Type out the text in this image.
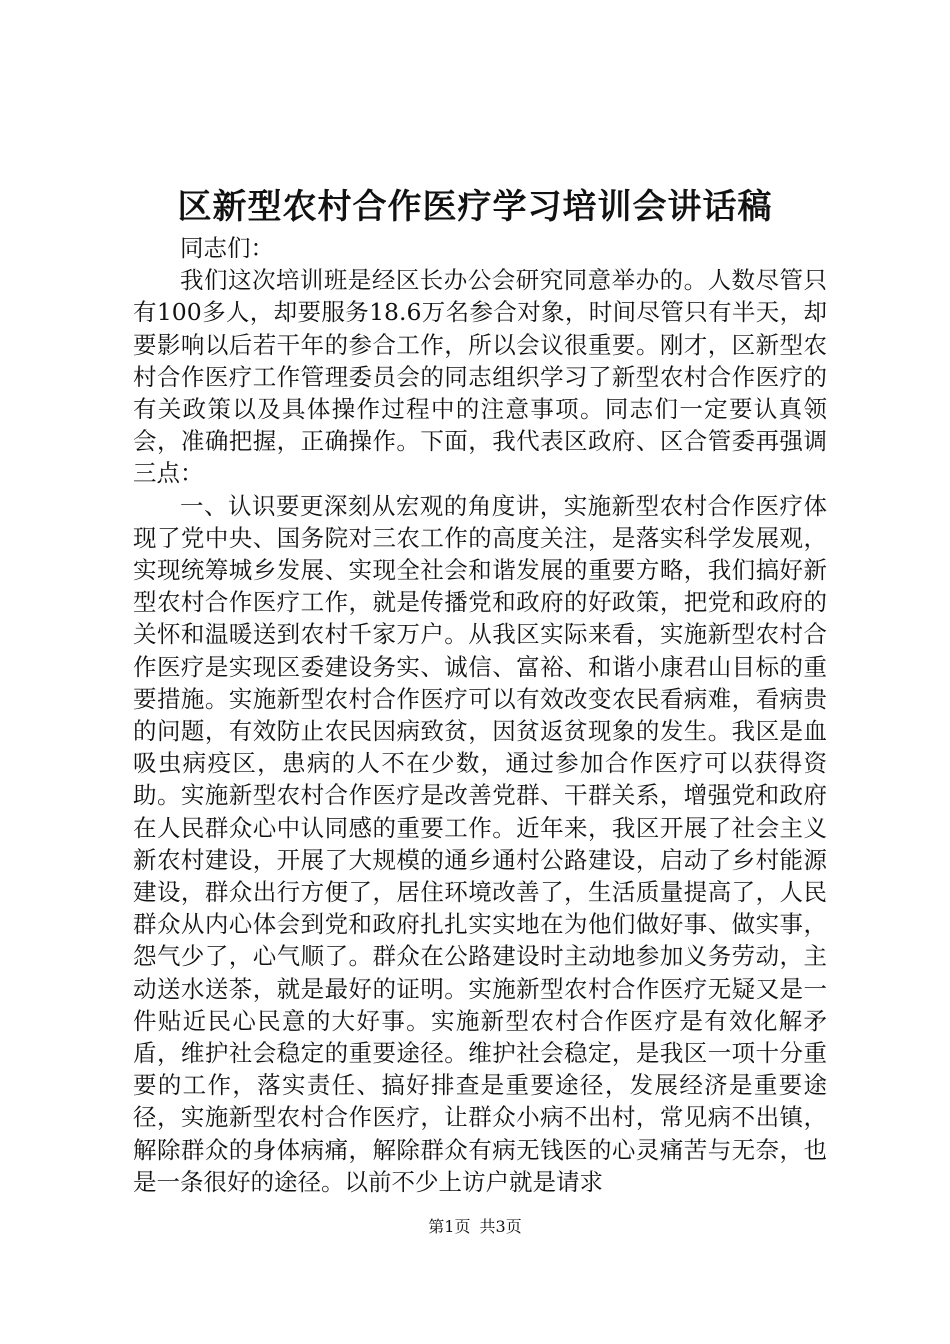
区新型农村合作医疗学习培训会讲话稿

同志们：

我们这次培训班是经区长办公会研究同意举办的。人数尽管只有100多人，却要服务18.6万名参合对象，时间尽管只有半天，却要影响以后若干年的参合工作，所以会议很重要。刚才，区新型农村合作医疗工作管理委员会的同志组织学习了新型农村合作医疗的有关政策以及具体操作过程中的注意事项。同志们一定要认真领会，准确把握，正确操作。下面，我代表区政府、区合管委再强调三点：

一、认识要更深刻从宏观的角度讲，实施新型农村合作医疗体现了党中央、国务院对三农工作的高度关注，是落实科学发展观，实现统筹城乡发展、实现全社会和谐发展的重要方略，我们搞好新型农村合作医疗工作，就是传播党和政府的好政策，把党和政府的关怀和温暖送到农村千家万户。从我区实际来看，实施新型农村合作医疗是实现区委建设务实、诚信、富裕、和谐小康君山目标的重要措施。实施新型农村合作医疗可以有效改变农民看病难，看病贵的问题，有效防止农民因病致贫，因贫返贫现象的发生。我区是血吸虫病疫区，患病的人不在少数，通过参加合作医疗可以获得资助。实施新型农村合作医疗是改善党群、干群关系，增强党和政府在人民群众心中认同感的重要工作。近年来，我区开展了社会主义新农村建设，开展了大规模的通乡通村公路建设，启动了乡村能源建设，群众出行方便了，居住环境改善了，生活质量提高了，人民群众从内心体会到党和政府扎扎实实地在为他们做好事、做实事，怨气少了，心气顺了。群众在公路建设时主动地参加义务劳动，主动送水送茶，就是最好的证明。实施新型农村合作医疗无疑又是一件贴近民心民意的大好事。实施新型农村合作医疗是有效化解矛盾，维护社会稳定的重要途径。维护社会稳定，是我区一项十分重要的工作，落实责任、搞好排查是重要途径，发展经济是重要途径，实施新型农村合作医疗，让群众小病不出村，常见病不出镇，解除群众的身体病痛，解除群众有病无钱医的心灵痛苦与无奈，也是一条很好的途径。以前不少上访户就是请求

第1页 共3页
